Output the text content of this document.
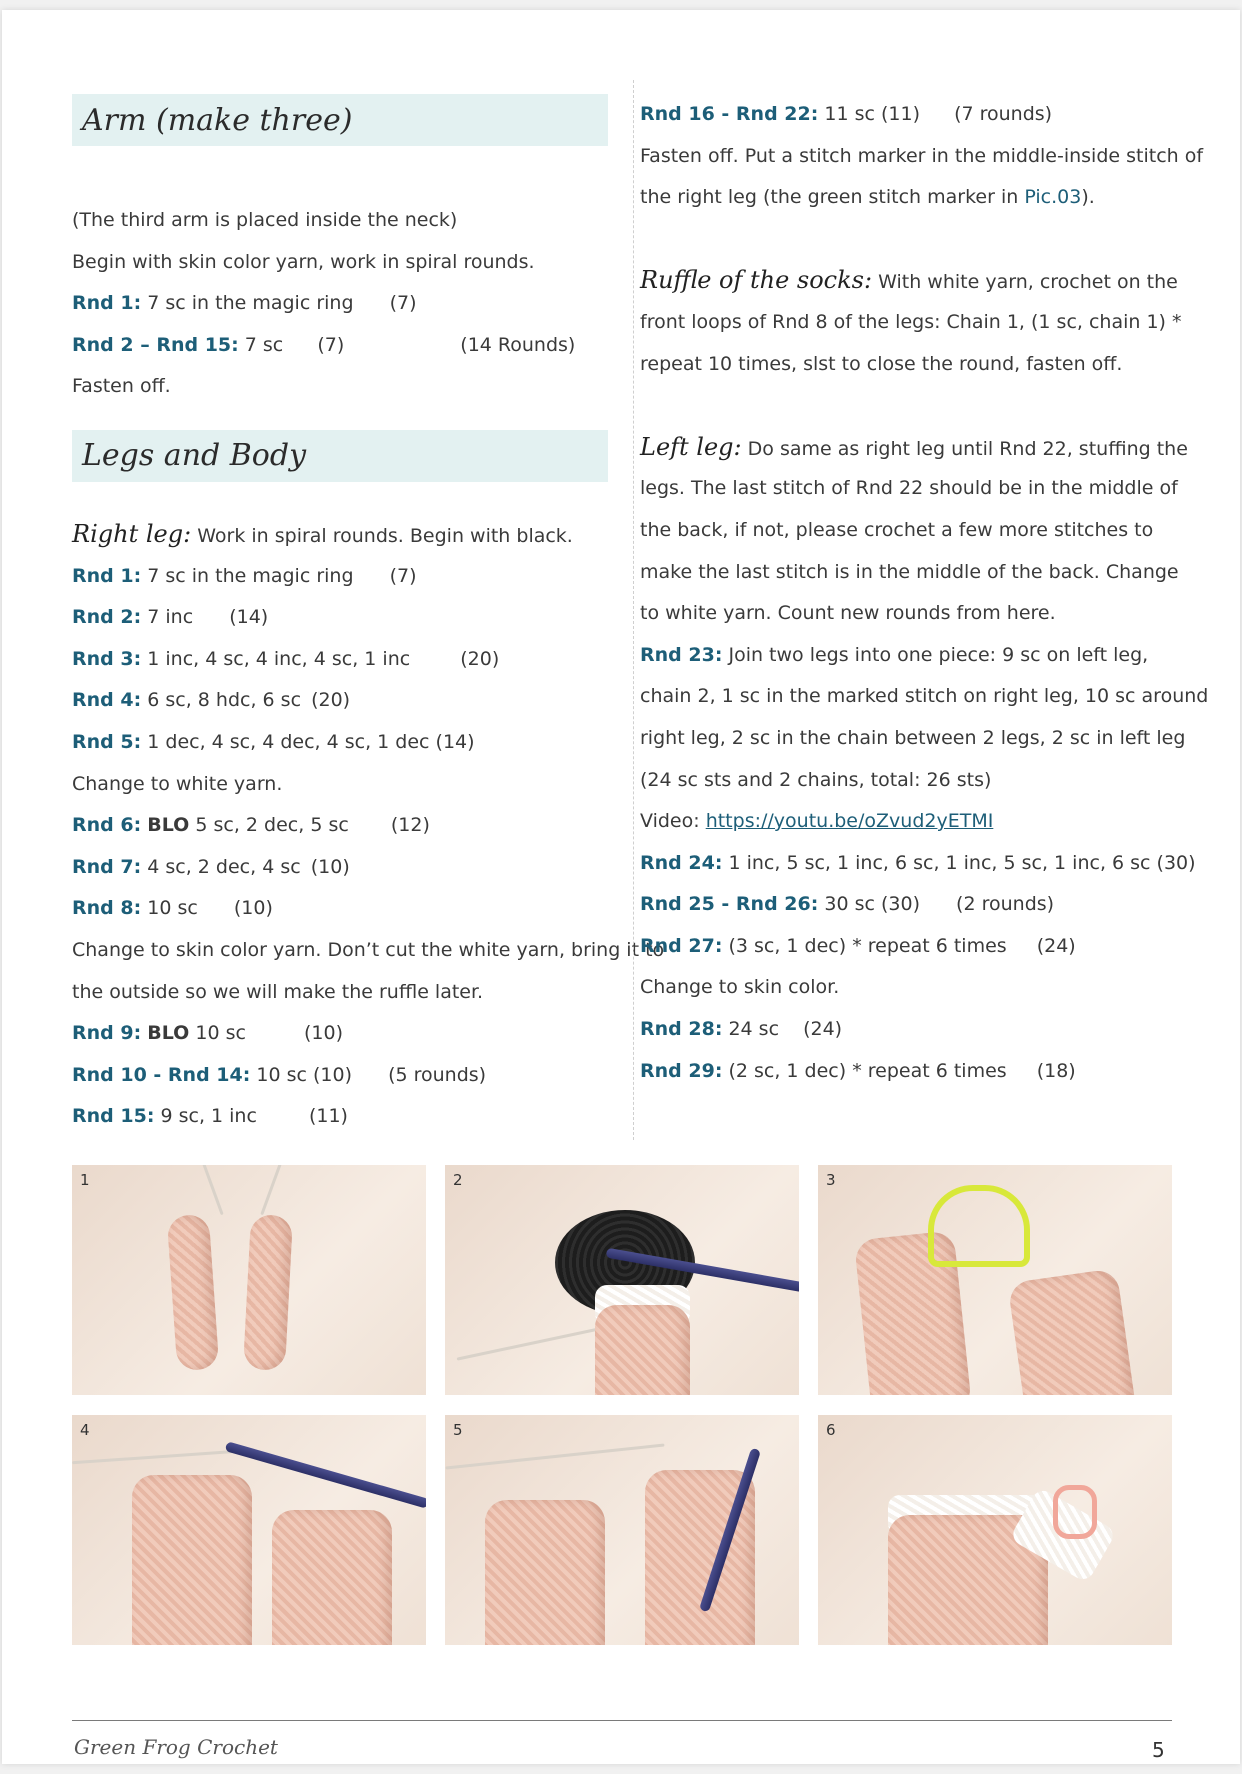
Arm (make three)
(The third arm is placed inside the neck)
Begin with skin color yarn, work in spiral rounds.
Rnd 1: 7 sc in the magic ring (7)
Rnd 2 – Rnd 15: 7 sc (7)	(14 Rounds)
Fasten off.
Legs and Body
Right leg: Work in spiral rounds. Begin with black.
Rnd 1: 7 sc in the magic ring (7)
Rnd 2: 7 inc (14)
Rnd 3: 1 inc, 4 sc, 4 inc, 4 sc, 1 inc	(20)
Rnd 4: 6 sc, 8 hdc, 6 sc (20)
Rnd 5: 1 dec, 4 sc, 4 dec, 4 sc, 1 dec (14)
Change to white yarn.
Rnd 6: BLO 5 sc, 2 dec, 5 sc (12)
Rnd 7: 4 sc, 2 dec, 4 sc (10)
Rnd 8: 10 sc (10)
Change to skin color yarn. Don’t cut the white yarn, bring it to
the outside so we will make the ruffle later.
Rnd 9: BLO 10 sc	(10)
Rnd 10 - Rnd 14: 10 sc (10) (5 rounds)
Rnd 15: 9 sc, 1 inc	(11)
Rnd 16 - Rnd 22: 11 sc (11) (7 rounds)
Fasten off. Put a stitch marker in the middle-inside stitch of
the right leg (the green stitch marker in Pic.03).
Ruffle of the socks: With white yarn, crochet on the
front loops of Rnd 8 of the legs: Chain 1, (1 sc, chain 1) *
repeat 10 times, slst to close the round, fasten off.
Left leg: Do same as right leg until Rnd 22, stuffing the
legs. The last stitch of Rnd 22 should be in the middle of
the back, if not, please crochet a few more stitches to
make the last stitch is in the middle of the back. Change
to white yarn. Count new rounds from here.
Rnd 23: Join two legs into one piece: 9 sc on left leg,
chain 2, 1 sc in the marked stitch on right leg, 10 sc around
right leg, 2 sc in the chain between 2 legs, 2 sc in left leg
(24 sc sts and 2 chains, total: 26 sts)
Video: https://youtu.be/oZvud2yETMI
Rnd 24: 1 inc, 5 sc, 1 inc, 6 sc, 1 inc, 5 sc, 1 inc, 6 sc (30)
Rnd 25 - Rnd 26: 30 sc (30) (2 rounds)
Rnd 27: (3 sc, 1 dec) * repeat 6 times (24)
Change to skin color.
Rnd 28: 24 sc (24)
Rnd 29: (2 sc, 1 dec) * repeat 6 times (18)
1	2	3
4	5	6
Green Frog Crochet	5
